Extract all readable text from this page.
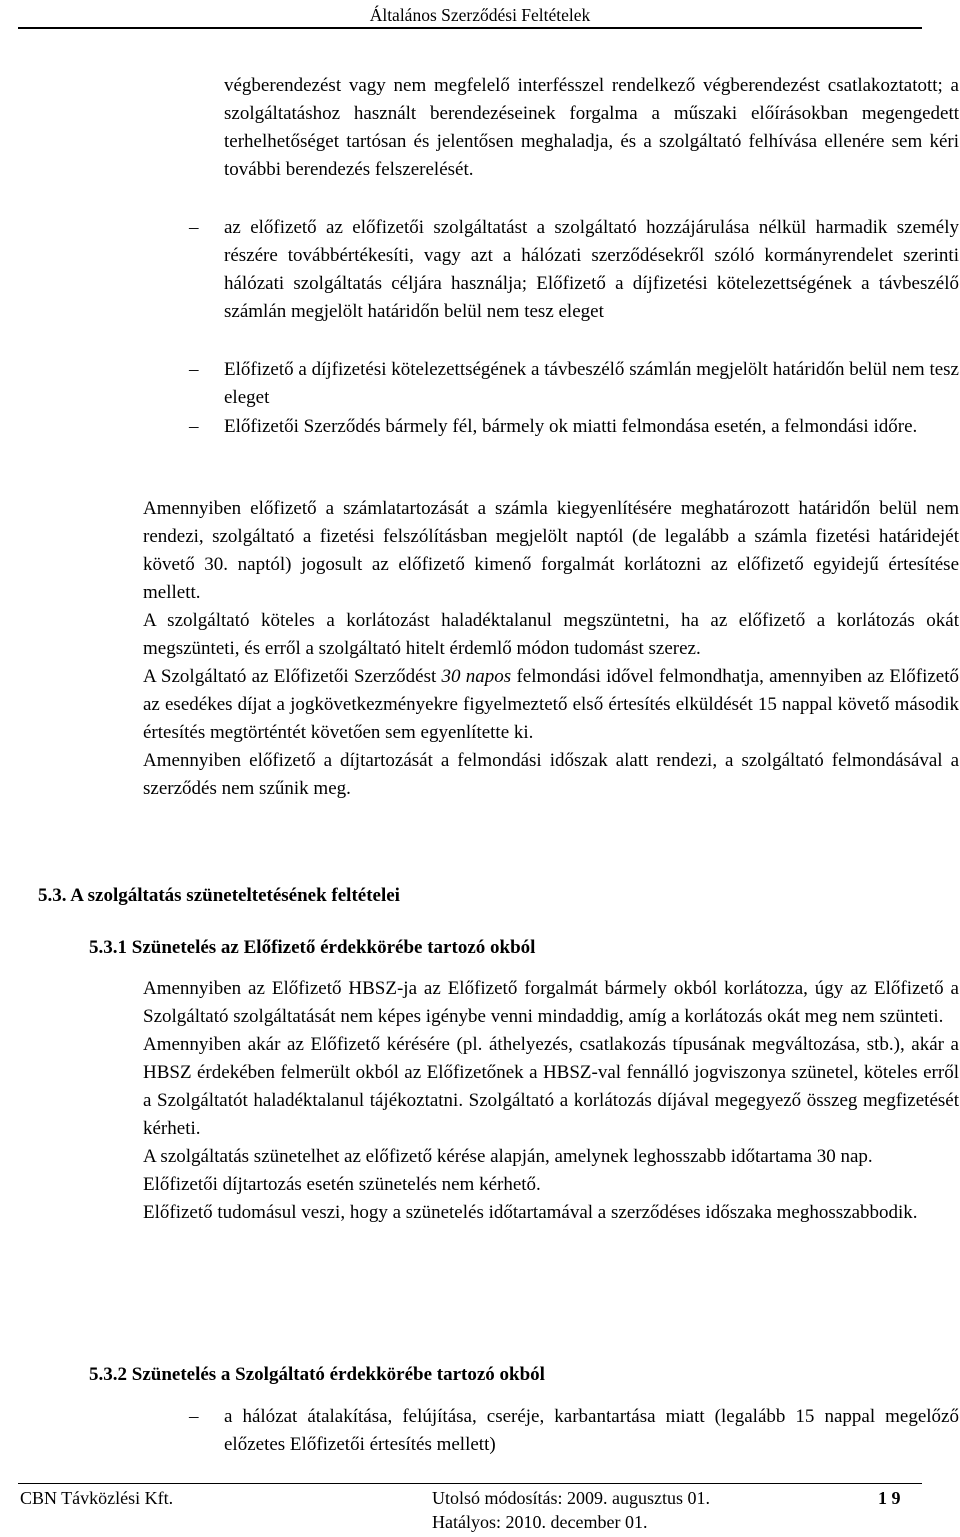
Általános Szerződési Feltételek

végberendezést vagy nem megfelelő interfésszel rendelkező végberendezést csatlakoztatott; a szolgáltatáshoz használt berendezéseinek forgalma a műszaki előírásokban megengedett terhelhetőséget tartósan és jelentősen meghaladja, és a szolgáltató felhívása ellenére sem kéri további berendezés felszerelését.

– az előfizető az előfizetői szolgáltatást a szolgáltató hozzájárulása nélkül harmadik személy részére továbbértékesíti, vagy azt a hálózati szerződésekről szóló kormányrendelet szerinti hálózati szolgáltatás céljára használja; Előfizető a díjfizetési kötelezettségének a távbeszélő számlán megjelölt határidőn belül nem tesz eleget

– Előfizető a díjfizetési kötelezettségének a távbeszélő számlán megjelölt határidőn belül nem tesz eleget

– Előfizetői Szerződés bármely fél, bármely ok miatti felmondása esetén, a felmondási időre.

Amennyiben előfizető a számlatartozását a számla kiegyenlítésére meghatározott határidőn belül nem rendezi, szolgáltató a fizetési felszólításban megjelölt naptól (de legalább a számla fizetési határidejét követő 30. naptól) jogosult az előfizető kimenő forgalmát korlátozni az előfizető egyidejű értesítése mellett.

A szolgáltató köteles a korlátozást haladéktalanul megszüntetni, ha az előfizető a korlátozás okát megszünteti, és erről a szolgáltató hitelt érdemlő módon tudomást szerez.

A Szolgáltató az Előfizetői Szerződést 30 napos felmondási idővel felmondhatja, amennyiben az Előfizető az esedékes díjat a jogkövetkezményekre figyelmeztető első értesítés elküldését 15 nappal követő második értesítés megtörténtét követően sem egyenlítette ki.

Amennyiben előfizető a díjtartozását a felmondási időszak alatt rendezi, a szolgáltató felmondásával a szerződés nem szűnik meg.

5.3. A szolgáltatás szüneteltetésének feltételei
5.3.1 Szünetelés az Előfizető érdekkörébe tartozó okból

Amennyiben az Előfizető HBSZ-ja az Előfizető forgalmát bármely okból korlátozza, úgy az Előfizető a Szolgáltató szolgáltatását nem képes igénybe venni mindaddig, amíg a korlátozás okát meg nem szünteti.

Amennyiben akár az Előfizető kérésére (pl. áthelyezés, csatlakozás típusának megváltozása, stb.), akár a HBSZ érdekében felmerült okból az Előfizetőnek a HBSZ-val fennálló jogviszonya szünetel, köteles erről a Szolgáltatót haladéktalanul tájékoztatni. Szolgáltató a korlátozás díjával megegyező összeg megfizetését kérheti.

A szolgáltatás szünetelhet az előfizető kérése alapján, amelynek leghosszabb időtartama 30 nap.

Előfizetői díjtartozás esetén szünetelés nem kérhető.

Előfizető tudomásul veszi, hogy a szünetelés időtartamával a szerződéses időszaka meghosszabbodik.

5.3.2 Szünetelés a Szolgáltató érdekkörébe tartozó okból
– a hálózat átalakítása, felújítása, cseréje, karbantartása miatt (legalább 15 nappal megelőző előzetes Előfizetői értesítés mellett)

CBN Távközlési Kft.	Utolsó módosítás: 2009. augusztus 01.	1 9
Hatályos: 2010. december 01.
